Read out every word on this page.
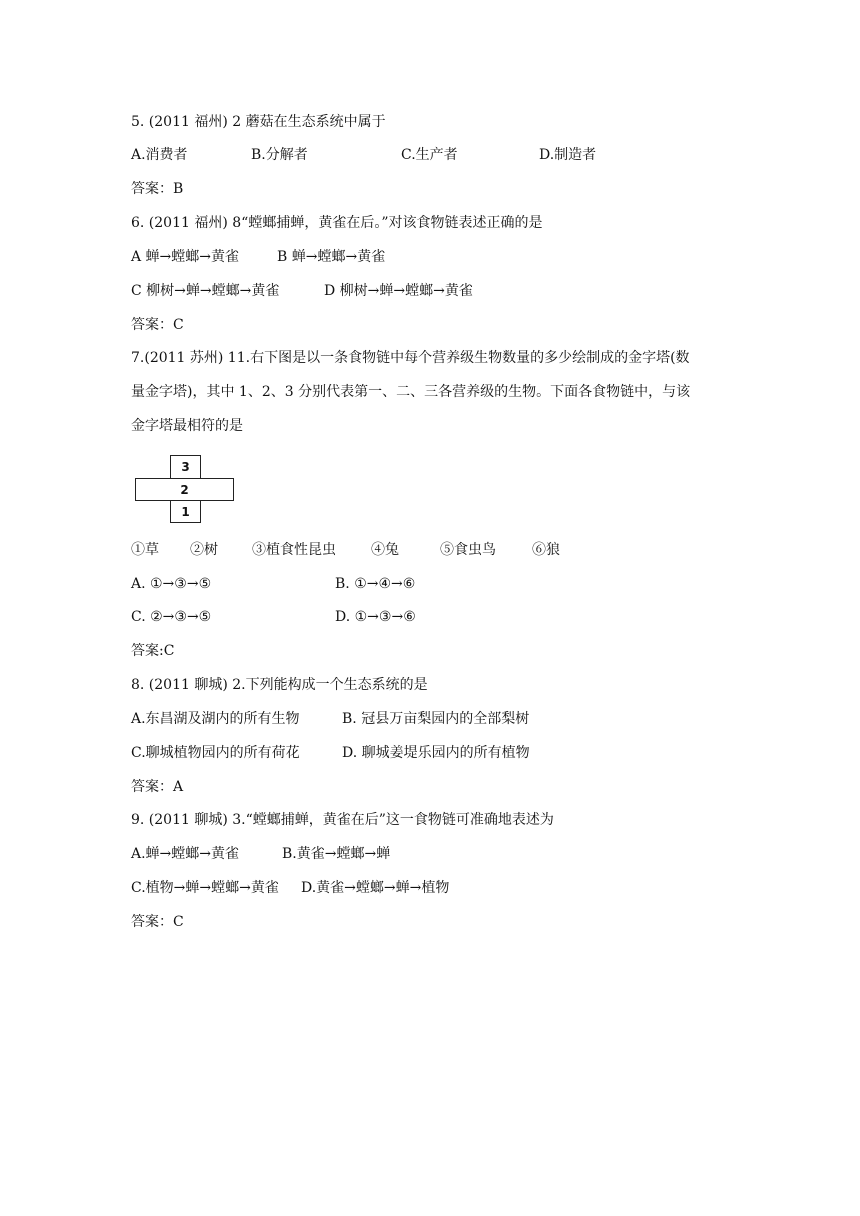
5. (2011 福州) 2 蘑菇在生态系统中属于
A.消费者	B.分解者	C.生产者	D.制造者
答案：B
6. (2011 福州) 8“螳螂捕蝉，黄雀在后。”对该食物链表述正确的是
A 蝉→螳螂→黄雀	B 蝉→螳螂→黄雀
C 柳树→蝉→螳螂→黄雀	D 柳树→蝉→螳螂→黄雀
答案：C
7.(2011 苏州) 11.右下图是以一条食物链中每个营养级生物数量的多少绘制成的金字塔(数
量金字塔)，其中 1、2、3 分别代表第一、二、三各营养级的生物。下面各食物链中，与该
金字塔最相符的是
3
2
1
①草 ②树 ③植食性昆虫	④兔	⑤食虫鸟	⑥狼
A. ①→③→⑤	B. ①→④→⑥
C. ②→③→⑤	D. ①→③→⑥
答案:C
8. (2011 聊城) 2.下列能构成一个生态系统的是
A.东昌湖及湖内的所有生物	B. 冠县万亩梨园内的全部梨树
C.聊城植物园内的所有荷花	D. 聊城姜堤乐园内的所有植物
答案：A
9. (2011 聊城) 3.“螳螂捕蝉，黄雀在后”这一食物链可准确地表述为
A.蝉→螳螂→黄雀	B.黄雀→螳螂→蝉
C.植物→蝉→螳螂→黄雀 D.黄雀→螳螂→蝉→植物
答案：C
